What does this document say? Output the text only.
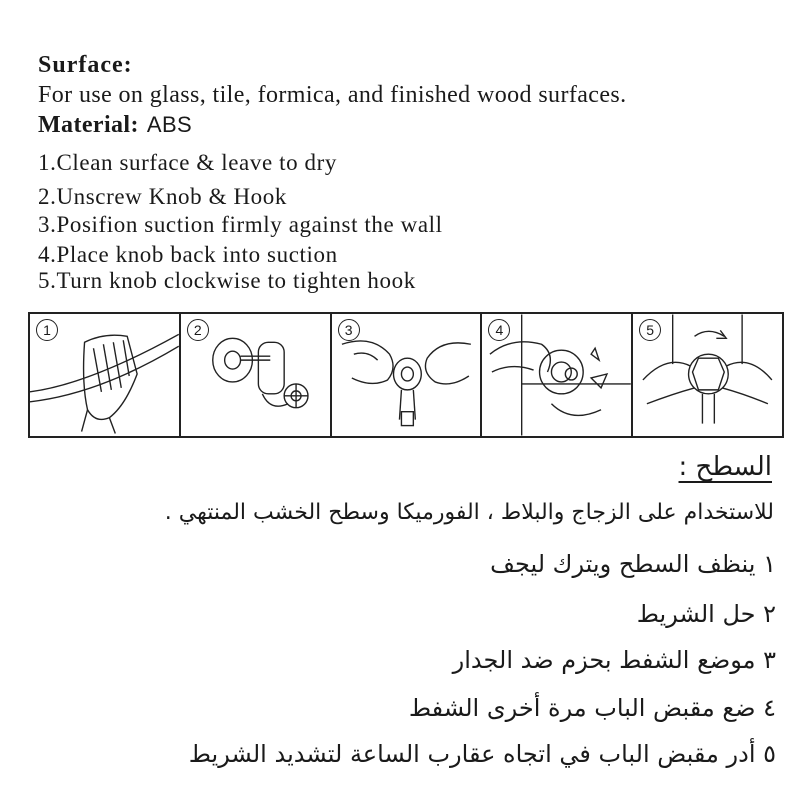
Surface:
For use on glass, tile, formica, and finished wood surfaces.
Material: ABS
1.Clean surface & leave to dry
2.Unscrew Knob & Hook
3.Posifion suction firmly against the wall
4.Place knob back into suction
5.Turn knob clockwise to tighten hook
1	2	3	4	5
السطح :
للاستخدام على الزجاج والبلاط ، الفورميكا وسطح الخشب المنتهي .
١ ينظف السطح ويترك ليجف
٢ حل الشريط
٣ موضع الشفط بحزم ضد الجدار
٤ ضع مقبض الباب مرة أخرى الشفط
٥ أدر مقبض الباب في اتجاه عقارب الساعة لتشديد الشريط
